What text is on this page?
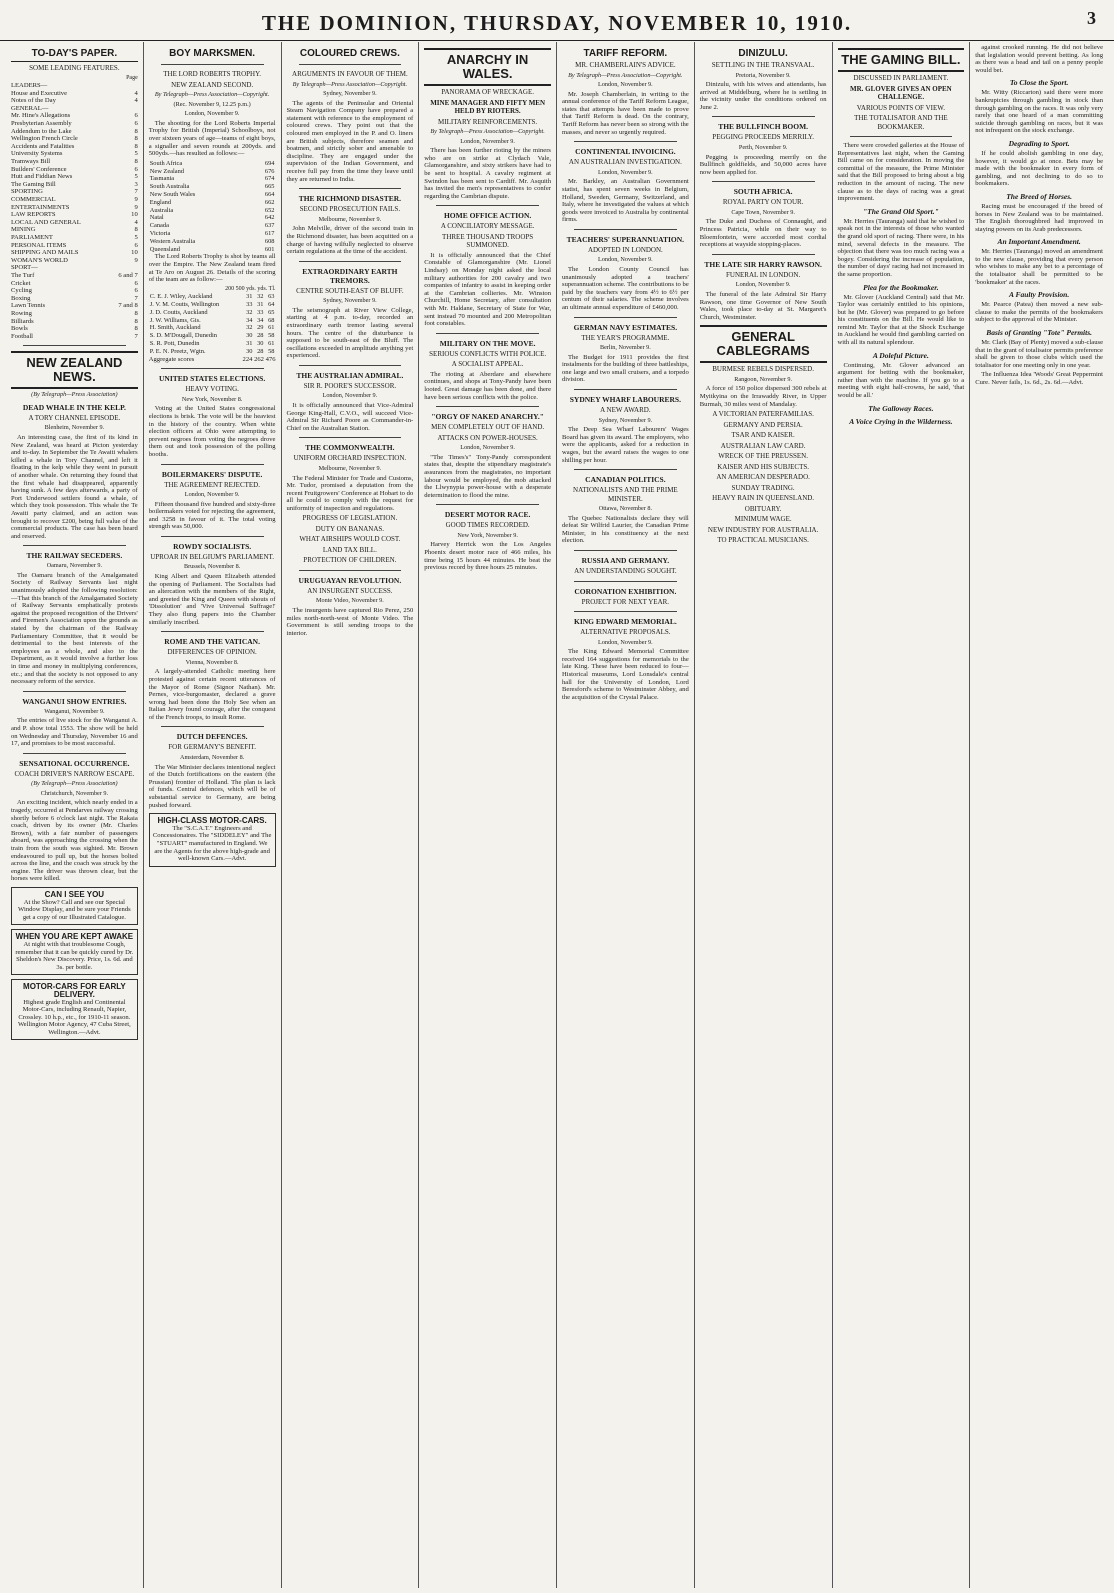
THE DOMINION, THURSDAY, NOVEMBER 10, 1910.	3
TO-DAY'S PAPER.
SOME LEADING FEATURES.
Page
LEADERS—
House and Executive	4
Notes of the Day	4
GENERAL—
Mr. Hine's Allegations	6
Presbyterian Assembly	6
Addendum to the Lake	8
Wellington French Circle	8
Accidents and Fatalities	8
University Systems	5
Tramways Bill	8
Builders' Conference	6
Hutt and Fiddian News	5
The Gaming Bill	3
SPORTING	7
COMMERCIAL	9
ENTERTAINMENTS	9
LAW REPORTS	10
LOCAL AND GENERAL	4
MINING	8
PARLIAMENT	5
PERSONAL ITEMS	6
SHIPPING AND MAILS	10
WOMAN'S WORLD	9
SPORT—
The Turf	6 and 7
Cricket	6
Cycling	6
Boxing	7
Lawn Tennis	7 and 8
Rowing	8
Billiards	8
Bowls	8
Football	7
NEW ZEALAND NEWS.
(By Telegraph—Press Association)
DEAD WHALE IN THE KELP.
A TORY CHANNEL EPISODE.
Blenheim, November 9.

An interesting case, the first of its kind in New Zealand, was heard at Picton yesterday and to-day. In September the Te Awaiti whalers killed a whale in Tory Channel, and left it floating in the kelp while they went in pursuit of another whale. On returning they found that the first whale had disappeared, apparently having sunk. A few days afterwards, a party of Port Underwood settlers found a whale, of which they took possession. This whale the Te Awaiti party claimed, and an action was brought to recover £200, being full value of the commercial products. The case has been heard and reserved.

THE RAILWAY SECEDERS.
Oamaru, November 9.

The Oamaru branch of the Amalgamated Society of Railway Servants last night unanimously adopted the following resolution:—That this branch of the Amalgamated Society of Railway Servants emphatically protests against the proposed recognition of the Drivers' and Firemen's Association upon the grounds as stated by the chairman of the Railway Parliamentary Committee, that it would be detrimental to the best interests of the employees as a whole, and also to the Department, as it would involve a further loss in time and money in multiplying conferences, etc.; and that the society is not opposed to any necessary reform of the service.

WANGANUI SHOW ENTRIES.
Wanganui, November 9.

The entries of live stock for the Wanganui A. and P. show total 1553. The show will be held on Wednesday and Thursday, November 16 and 17, and promises to be most successful.

SENSATIONAL OCCURRENCE.
COACH DRIVER'S NARROW ESCAPE.
(By Telegraph—Press Association)
Christchurch, November 9.

An exciting incident, which nearly ended in a tragedy, occurred at Pendarves railway crossing shortly before 6 o'clock last night. The Rakaia coach, driven by its owner (Mr. Charles Brown), with a fair number of passengers aboard, was approaching the crossing when the train from the south was sighted. Mr. Brown endeavoured to pull up, but the horses bolted across the line, and the coach was struck by the engine. The driver was thrown clear, but the horses were killed.

CAN I SEE YOU
At the Show? Call and see our Special Window Display, and be sure your Friends get a copy of our Illustrated Catalogue.
WHEN YOU ARE KEPT AWAKE
At night with that troublesome Cough, remember that it can be quickly cured by Dr. Sheldon's New Discovery. Price, 1s. 6d. and 3s. per bottle.
MOTOR-CARS FOR EARLY DELIVERY.
Highest grade English and Continental Motor-Cars, including Renault, Napier, Crossley. 10 h.p., etc., for 1910-11 season. Wellington Motor Agency, 47 Cuba Street, Wellington.—Advt.
BOY MARKSMEN.
THE LORD ROBERTS TROPHY.
NEW ZEALAND SECOND.
By Telegraph—Press Association—Copyright.
(Rec. November 9, 12.25 p.m.)
London, November 9.

The shooting for the Lord Roberts Imperial Trophy for British (Imperial) Schoolboys, not over sixteen years of age—teams of eight boys, a signaller and seven rounds at 200yds. and 500yds.—has resulted as follows:—

South Africa	694
New Zealand	676
Tasmania	674
South Australia	665
New South Wales	664
England	662
Australia	652
Natal	642
Canada	637
Victoria	617
Western Australia	608
Queensland	601

The Lord Roberts Trophy is shot by teams all over the Empire. The New Zealand team fired at Te Aro on August 26. Details of the scoring of the team are as follow:—

200 500 yds. yds. Tl.
C. E. J. Wiley, Auckland	31	32	63
J. V. M. Coutts, Wellington	33	31	64
J. D. Coutts, Auckland	32	33	65
J. W. Williams, Gis.	34	34	68
H. Smith, Auckland	32	29	61
S. D. M'Dougall, Dunedin	30	28	58
S. R. Pott, Dunedin	31	30	61
P. E. N. Preetz, Wgtn.	30	28	58
Aggregate scores	224 262 476
UNITED STATES ELECTIONS.
HEAVY VOTING.
New York, November 8.

Voting at the United States congressional elections is brisk. The vote will be the heaviest in the history of the country. When white election officers at Ohio were attempting to prevent negroes from voting the negroes drove them out and took possession of the polling booths.

BOILERMAKERS' DISPUTE.
THE AGREEMENT REJECTED.
London, November 9.

Fifteen thousand five hundred and sixty-three boilermakers voted for rejecting the agreement, and 3258 in favour of it. The total voting strength was 50,000.

ROWDY SOCIALISTS.
UPROAR IN BELGIUM'S PARLIAMENT.
Brussels, November 8.

King Albert and Queen Elizabeth attended the opening of Parliament. The Socialists had an altercation with the members of the Right, and greeted the King and Queen with shouts of 'Dissolution' and 'Vive Universal Suffrage!' They also flung papers into the Chamber similarly inscribed.

ROME AND THE VATICAN.
DIFFERENCES OF OPINION.
Vienna, November 8.

A largely-attended Catholic meeting here protested against certain recent utterances of the Mayor of Rome (Signor Nathan). Mr. Pernes, vice-burgomaster, declared a grave wrong had been done the Holy See when an Italian Jewry found courage, after the conquest of the French troops, to insult Rome.

DUTCH DEFENCES.
FOR GERMANY'S BENEFIT.
Amsterdam, November 8.

The War Minister declares intentional neglect of the Dutch fortifications on the eastern (the Prussian) frontier of Holland. The plan is lack of funds. Central defences, which will be of substantial service to Germany, are being pushed forward.

HIGH-CLASS MOTOR-CARS.
The "S.C.A.T." Engineers and Concessionaires. The "SIDDELEY" and The "STUART" manufactured in England. We are the Agents for the above high-grade and well-known Cars.—Advt.
COLOURED CREWS.
ARGUMENTS IN FAVOUR OF THEM.
By Telegraph—Press Association—Copyright.
Sydney, November 9.

The agents of the Peninsular and Oriental Steam Navigation Company have prepared a statement with reference to the employment of coloured crews. They point out that the coloured men employed in the P. and O. liners are British subjects, therefore seamen and boatmen, and strictly sober and amenable to discipline. They are engaged under the supervision of the Indian Government, and receive full pay from the time they leave until they are returned to India.

THE RICHMOND DISASTER.
SECOND PROSECUTION FAILS.
Melbourne, November 9.

John Melville, driver of the second train in the Richmond disaster, has been acquitted on a charge of having wilfully neglected to observe certain regulations at the time of the accident.

EXTRAORDINARY EARTH TREMORS.
CENTRE SOUTH-EAST OF BLUFF.
Sydney, November 9.

The seismograph at River View College, starting at 4 p.m. to-day, recorded an extraordinary earth tremor lasting several hours. The centre of the disturbance is supposed to be south-east of the Bluff. The oscillations exceeded in amplitude anything yet experienced.

THE AUSTRALIAN ADMIRAL.
SIR R. POORE'S SUCCESSOR.
London, November 9.

It is officially announced that Vice-Admiral George King-Hall, C.V.O., will succeed Vice-Admiral Sir Richard Poore as Commander-in-Chief on the Australian Station.

THE COMMONWEALTH.
UNIFORM ORCHARD INSPECTION.
Melbourne, November 9.

The Federal Minister for Trade and Customs, Mr. Tudor, promised a deputation from the recent Fruitgrowers' Conference at Hobart to do all he could to comply with the request for uniformity of inspection and regulations.

PROGRESS OF LEGISLATION.
DUTY ON BANANAS.
WHAT AIRSHIPS WOULD COST.
LAND TAX BILL.
PROTECTION OF CHILDREN.
URUGUAYAN REVOLUTION.
AN INSURGENT SUCCESS.
Monte Video, November 9.

The insurgents have captured Rio Perez, 250 miles north-north-west of Monte Video. The Government is still sending troops to the interior.

ANARCHY IN WALES.
PANORAMA OF WRECKAGE.
MINE MANAGER AND FIFTY MEN HELD BY RIOTERS.
MILITARY REINFORCEMENTS.
By Telegraph—Press Association—Copyright.
London, November 9.

There has been further rioting by the miners who are on strike at Clydach Vale, Glamorganshire, and sixty strikers have had to be sent to hospital. A cavalry regiment at Swindon has been sent to Cardiff. Mr. Asquith has invited the men's representatives to confer regarding the Cambrian dispute.

HOME OFFICE ACTION.
A CONCILIATORY MESSAGE.
THREE THOUSAND TROOPS SUMMONED.

It is officially announced that the Chief Constable of Glamorganshire (Mr. Lionel Lindsay) on Monday night asked the local military authorities for 200 cavalry and two companies of infantry to assist in keeping order at the Cambrian collieries. Mr. Winston Churchill, Home Secretary, after consultation with Mr. Haldane, Secretary of State for War, sent instead 70 mounted and 200 Metropolitan foot constables.

MILITARY ON THE MOVE.
SERIOUS CONFLICTS WITH POLICE.
A SOCIALIST APPEAL.

The rioting at Aberdare and elsewhere continues, and shops at Tony-Pandy have been looted. Great damage has been done, and there have been serious conflicts with the police.

"ORGY OF NAKED ANARCHY."
MEN COMPLETELY OUT OF HAND.
ATTACKS ON POWER-HOUSES.
London, November 9.

"The Times's" Tony-Pandy correspondent states that, despite the stipendiary magistrate's assurances from the magistrates, no important labour would be employed, the mob attacked the Llwynypia power-house with a desperate determination to flood the mine.

DESERT MOTOR RACE.
GOOD TIMES RECORDED.
New York, November 9.

Harvey Herrick won the Los Angeles Phoenix desert motor race of 466 miles, his time being 15 hours 44 minutes. He beat the previous record by three hours 25 minutes.

TARIFF REFORM.
MR. CHAMBERLAIN'S ADVICE.
By Telegraph—Press Association—Copyright.
London, November 9.

Mr. Joseph Chamberlain, in writing to the annual conference of the Tariff Reform League, states that attempts have been made to prove that Tariff Reform is dead. On the contrary, Tariff Reform has never been so strong with the masses, and never so urgently required.

CONTINENTAL INVOICING.
AN AUSTRALIAN INVESTIGATION.
London, November 9.

Mr. Barkley, an Australian Government statist, has spent seven weeks in Belgium, Holland, Sweden, Germany, Switzerland, and Italy, where he investigated the values at which goods were invoiced to Australia by continental firms.

TEACHERS' SUPERANNUATION.
ADOPTED IN LONDON.
London, November 9.

The London County Council has unanimously adopted a teachers' superannuation scheme. The contributions to be paid by the teachers vary from 4½ to 6½ per centum of their salaries. The scheme involves an ultimate annual expenditure of £460,000.

GERMAN NAVY ESTIMATES.
THE YEAR'S PROGRAMME.
Berlin, November 9.

The Budget for 1911 provides the first instalments for the building of three battleships, one large and two small cruisers, and a torpedo division.

SYDNEY WHARF LABOURERS.
A NEW AWARD.
Sydney, November 9.

The Deep Sea Wharf Labourers' Wages Board has given its award. The employers, who were the applicants, asked for a reduction in wages, but the award raises the wages to one shilling per hour.

CANADIAN POLITICS.
NATIONALISTS AND THE PRIME MINISTER.
Ottawa, November 8.

The Quebec Nationalists declare they will defeat Sir Wilfrid Laurier, the Canadian Prime Minister, in his constituency at the next election.

RUSSIA AND GERMANY.
AN UNDERSTANDING SOUGHT.
CORONATION EXHIBITION.
PROJECT FOR NEXT YEAR.
KING EDWARD MEMORIAL.
ALTERNATIVE PROPOSALS.
London, November 9.

The King Edward Memorial Committee received 164 suggestions for memorials to the late King. These have been reduced to four—Historical museums, Lord Lonsdale's central hall for the University of London, Lord Beresford's scheme to Westminster Abbey, and the acquisition of the Crystal Palace.

DINIZULU.
SETTLING IN THE TRANSVAAL.
Pretoria, November 9.

Dinizulu, with his wives and attendants, has arrived at Middelburg, where he is settling in the vicinity under the conditions ordered on June 2.

THE BULLFINCH BOOM.
PEGGING PROCEEDS MERRILY.
Perth, November 9.

Pegging is proceeding merrily on the Bullfinch goldfields, and 50,000 acres have now been applied for.

SOUTH AFRICA.
ROYAL PARTY ON TOUR.
Cape Town, November 9.

The Duke and Duchess of Connaught, and Princess Patricia, while on their way to Bloemfontein, were accorded most cordial receptions at wayside stopping-places.

THE LATE SIR HARRY RAWSON.
FUNERAL IN LONDON.
London, November 9.

The funeral of the late Admiral Sir Harry Rawson, one time Governor of New South Wales, took place to-day at St. Margaret's Church, Westminster.

GENERAL CABLEGRAMS
BURMESE REBELS DISPERSED.
Rangoon, November 9.

A force of 150 police dispersed 300 rebels at Myitkyina on the Irrawaddy River, in Upper Burmah, 30 miles west of Mandalay.

A VICTORIAN PATERFAMILIAS.
GERMANY AND PERSIA.
TSAR AND KAISER.
AUSTRALIAN LAW CARD.
WRECK OF THE PREUSSEN.
KAISER AND HIS SUBJECTS.
AN AMERICAN DESPERADO.
SUNDAY TRADING.
HEAVY RAIN IN QUEENSLAND.
OBITUARY.
MINIMUM WAGE.
NEW INDUSTRY FOR AUSTRALIA.
TO PRACTICAL MUSICIANS.
THE GAMING BILL.
DISCUSSED IN PARLIAMENT.
MR. GLOVER GIVES AN OPEN CHALLENGE.
VARIOUS POINTS OF VIEW.
THE TOTALISATOR AND THE BOOKMAKER.

There were crowded galleries at the House of Representatives last night, when the Gaming Bill came on for consideration. In moving the committal of the measure, the Prime Minister said that the Bill proposed to bring about a big reduction in the amount of racing. The new clause as to the days of racing was a great improvement.

"The Grand Old Sport."

Mr. Herries (Tauranga) said that he wished to speak not in the interests of those who wanted the grand old sport of racing. There were, in his mind, several defects in the measure. The objection that there was too much racing was a bogey. Considering the increase of population, the number of days' racing had not increased in the same proportion.

Plea for the Bookmaker.

Mr. Glover (Auckland Central) said that Mr. Taylor was certainly entitled to his opinions, but he (Mr. Glover) was prepared to go before his constituents on the Bill. He would like to remind Mr. Taylor that at the Shock Exchange in Auckland he would find gambling carried on with all its natural splendour.

A Doleful Picture.

Continuing, Mr. Glover advanced an argument for betting with the bookmaker, rather than with the machine. If you go to a meeting with eight half-crowns, he said, 'that would be all.'

The Galloway Races.
A Voice Crying in the Wilderness.

against crooked running. He did not believe that legislation would prevent betting. As long as there was a head and tail on a penny people would bet.

To Close the Sport.

Mr. Witty (Riccarton) said there were more bankruptcies through gambling in stock than through gambling on the races. It was only very rarely that one heard of a man committing suicide through gambling on races, but it was not infrequent on the stock exchange.

Degrading to Sport.

If he could abolish gambling in one day, however, it would go at once. Bets may be made with the bookmaker in every form of gambling, and not declining to do so to bookmakers.

The Breed of Horses.

Racing must be encouraged if the breed of horses in New Zealand was to be maintained. The English thoroughbred had improved in staying powers on its Arab predecessors.

An Important Amendment.

Mr. Herries (Tauranga) moved an amendment to the new clause, providing that every person who wishes to make any bet to a percentage of the totalisator shall be permitted to be 'bookmaker' at the races.

A Faulty Provision.

Mr. Pearce (Patea) then moved a new sub-clause to make the permits of the bookmakers subject to the approval of the Minister.

Basis of Granting "Tote" Permits.

Mr. Clark (Bay of Plenty) moved a sub-clause that in the grant of totalisator permits preference shall be given to those clubs which used the totalisator for one meeting only in one year.

The Influenza Idea 'Woods' Great Peppermint Cure. Never fails, 1s. 6d., 2s. 6d.—Advt.
